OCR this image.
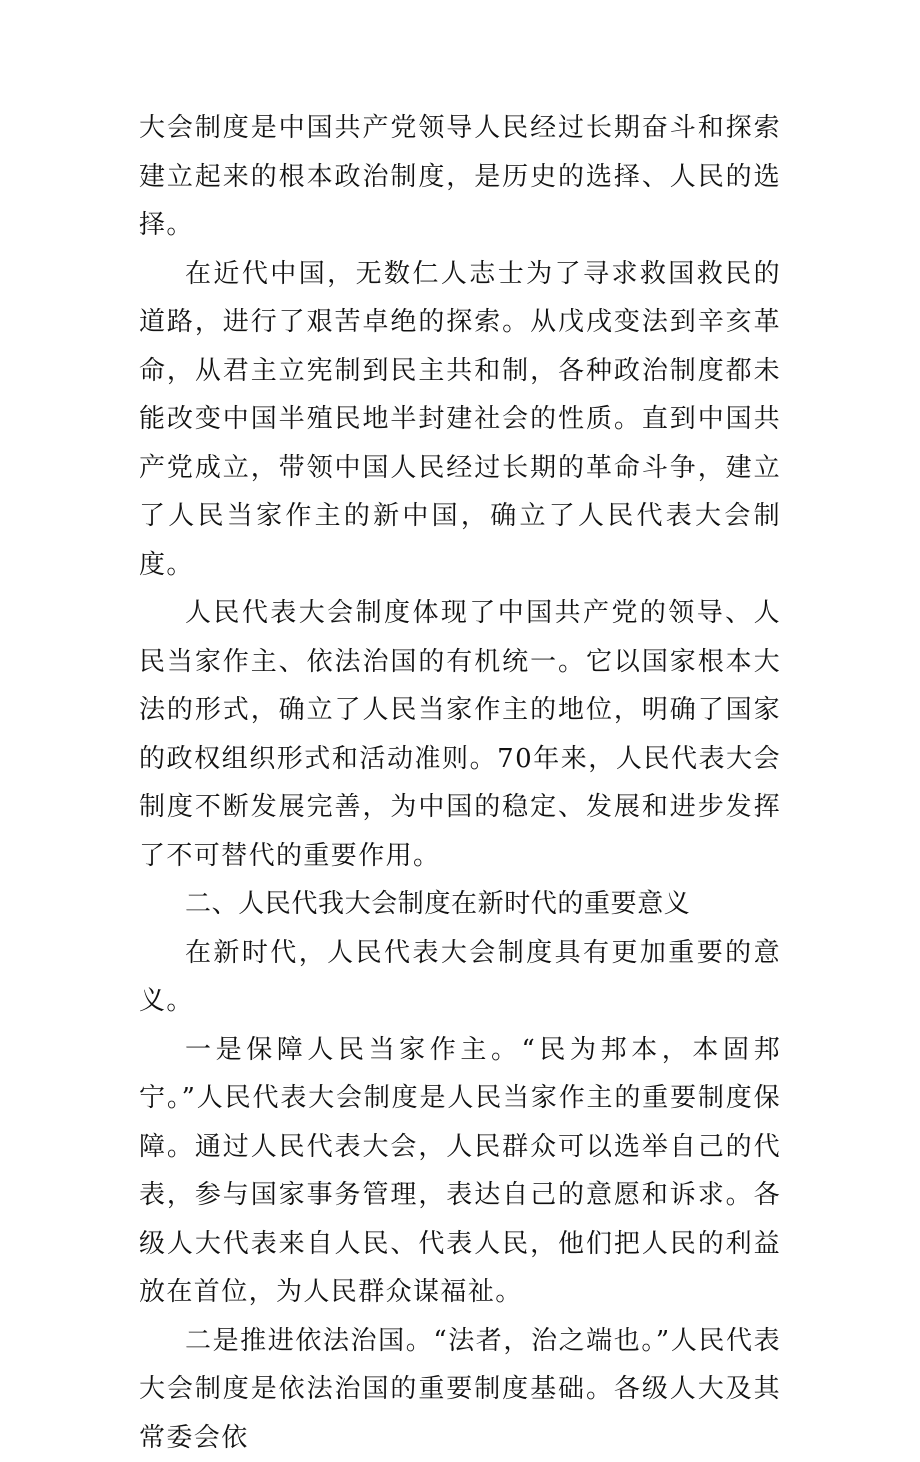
大会制度是中国共产党领导人民经过长期奋斗和探索建立起来的根本政治制度，是历史的选择、人民的选择。

在近代中国，无数仁人志士为了寻求救国救民的道路，进行了艰苦卓绝的探索。从戊戌变法到辛亥革命，从君主立宪制到民主共和制，各种政治制度都未能改变中国半殖民地半封建社会的性质。直到中国共产党成立，带领中国人民经过长期的革命斗争，建立了人民当家作主的新中国，确立了人民代表大会制度。

人民代表大会制度体现了中国共产党的领导、人民当家作主、依法治国的有机统一。它以国家根本大法的形式，确立了人民当家作主的地位，明确了国家的政权组织形式和活动准则。70年来，人民代表大会制度不断发展完善，为中国的稳定、发展和进步发挥了不可替代的重要作用。

二、人民代我大会制度在新时代的重要意义

在新时代，人民代表大会制度具有更加重要的意义。

一是保障人民当家作主。“民为邦本，本固邦宁。”人民代表大会制度是人民当家作主的重要制度保障。通过人民代表大会，人民群众可以选举自己的代表，参与国家事务管理，表达自己的意愿和诉求。各级人大代表来自人民、代表人民，他们把人民的利益放在首位，为人民群众谋福祉。

二是推进依法治国。“法者，治之端也。”人民代表大会制度是依法治国的重要制度基础。各级人大及其常委会依
